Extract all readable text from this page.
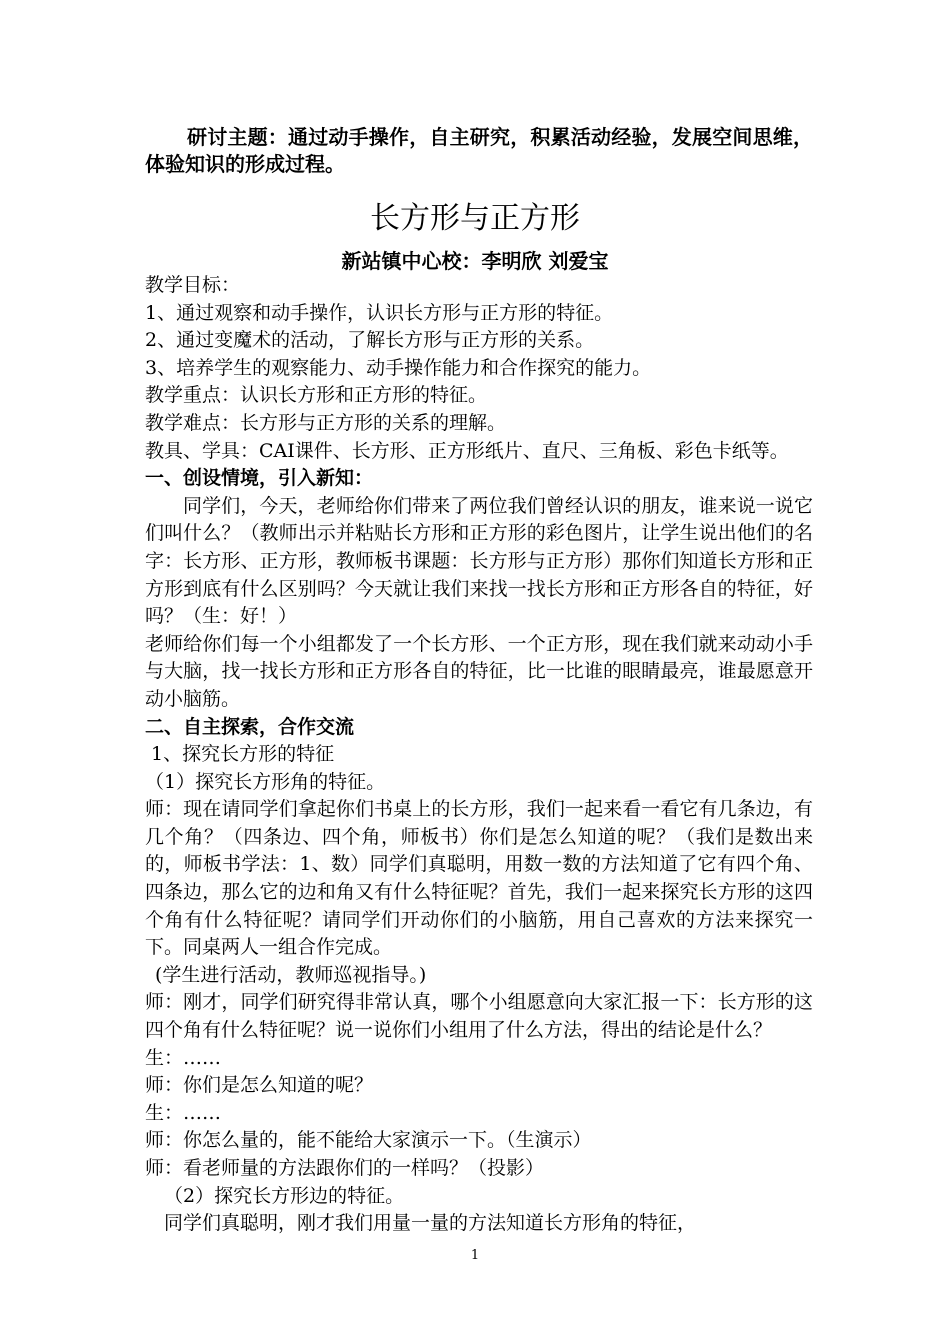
研讨主题：通过动手操作，自主研究，积累活动经验，发展空间思维，体验知识的形成过程。
长方形与正方形
新站镇中心校：李明欣 刘爱宝

教学目标：

1、通过观察和动手操作，认识长方形与正方形的特征。

2、通过变魔术的活动，了解长方形与正方形的关系。

3、培养学生的观察能力、动手操作能力和合作探究的能力。

教学重点：认识长方形和正方形的特征。

教学难点：长方形与正方形的关系的理解。

教具、学具：CAI课件、长方形、正方形纸片、直尺、三角板、彩色卡纸等。

一、创设情境，引入新知：

同学们，今天，老师给你们带来了两位我们曾经认识的朋友，谁来说一说它们叫什么？（教师出示并粘贴长方形和正方形的彩色图片，让学生说出他们的名字：长方形、正方形，教师板书课题：长方形与正方形）那你们知道长方形和正方形到底有什么区别吗？今天就让我们来找一找长方形和正方形各自的特征，好吗？（生：好！）

老师给你们每一个小组都发了一个长方形、一个正方形，现在我们就来动动小手与大脑，找一找长方形和正方形各自的特征，比一比谁的眼睛最亮，谁最愿意开动小脑筋。

二、自主探索，合作交流

1、探究长方形的特征

（1）探究长方形角的特征。

师：现在请同学们拿起你们书桌上的长方形，我们一起来看一看它有几条边，有几个角？（四条边、四个角，师板书）你们是怎么知道的呢？（我们是数出来的，师板书学法：1、数）同学们真聪明，用数一数的方法知道了它有四个角、四条边，那么它的边和角又有什么特征呢？首先，我们一起来探究长方形的这四个角有什么特征呢？请同学们开动你们的小脑筋，用自己喜欢的方法来探究一下。同桌两人一组合作完成。

(学生进行活动，教师巡视指导。)

师：刚才，同学们研究得非常认真，哪个小组愿意向大家汇报一下：长方形的这四个角有什么特征呢？说一说你们小组用了什么方法，得出的结论是什么？

生：……

师：你们是怎么知道的呢？

生：……

师：你怎么量的，能不能给大家演示一下。（生演示）

师：看老师量的方法跟你们的一样吗？（投影）

（2）探究长方形边的特征。

同学们真聪明，刚才我们用量一量的方法知道长方形角的特征，

1
